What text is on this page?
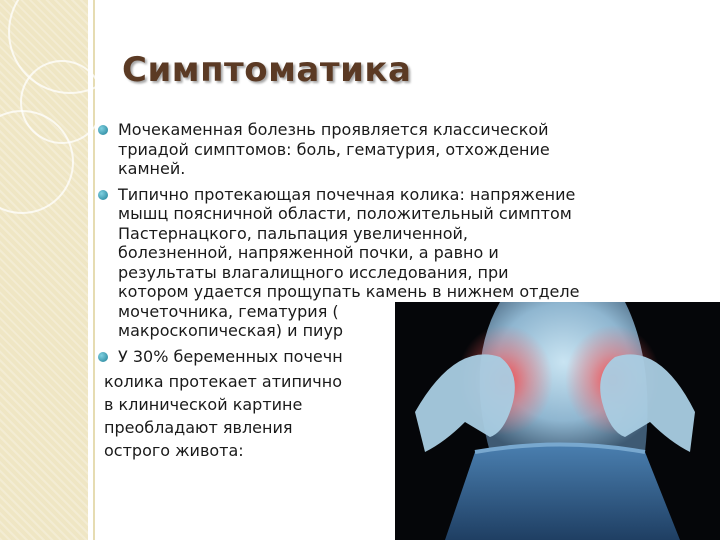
Симптоматика
Мочекаменная болезнь проявляется классической
триадой симптомов: боль, гематурия, отхождение
камней.
Типично протекающая почечная колика: напряжение
мышц поясничной области, положительный симптом
Пастернацкого, пальпация увеличенной,
болезненной, напряженной почки, а равно и
результаты влагалищного исследования, при
котором удается прощупать камень в нижнем отделе
мочеточника, гематурия (
макроскопическая) и пиур
У 30% беременных почечн
колика протекает атипично
в клинической картине
преобладают явления
острого живота:
